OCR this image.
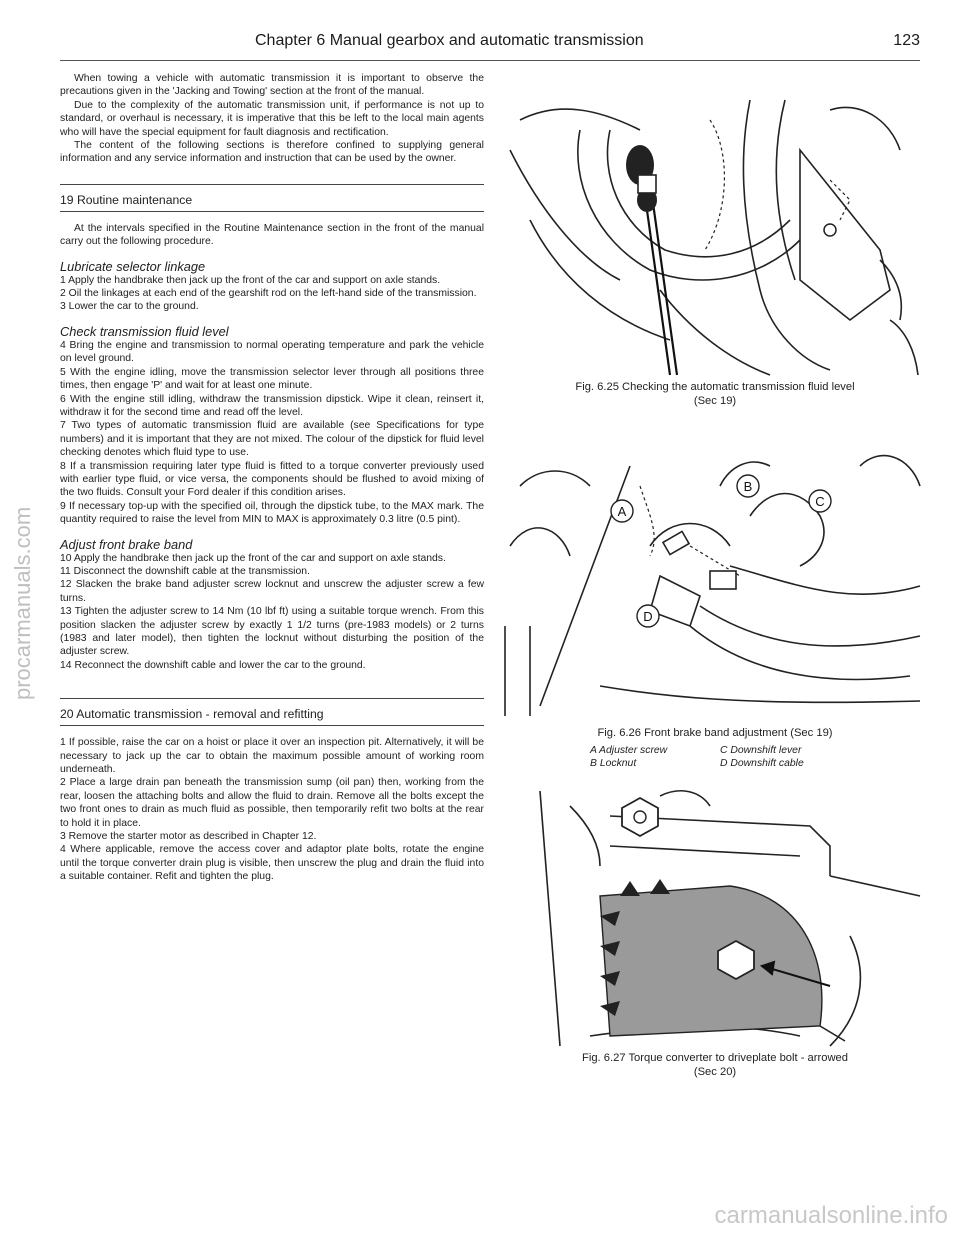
procarmanuals.com
Chapter 6 Manual gearbox and automatic transmission	123

When towing a vehicle with automatic transmission it is important to observe the precautions given in the 'Jacking and Towing' section at the front of the manual.

Due to the complexity of the automatic transmission unit, if performance is not up to standard, or overhaul is necessary, it is imperative that this be left to the local main agents who will have the special equipment for fault diagnosis and rectification.

The content of the following sections is therefore confined to supplying general information and any service information and instruction that can be used by the owner.

19 Routine maintenance

At the intervals specified in the Routine Maintenance section in the front of the manual carry out the following procedure.

Lubricate selector linkage

1 Apply the handbrake then jack up the front of the car and support on axle stands.

2 Oil the linkages at each end of the gearshift rod on the left-hand side of the transmission.

3 Lower the car to the ground.

Check transmission fluid level

4 Bring the engine and transmission to normal operating temperature and park the vehicle on level ground.

5 With the engine idling, move the transmission selector lever through all positions three times, then engage 'P' and wait for at least one minute.

6 With the engine still idling, withdraw the transmission dipstick. Wipe it clean, reinsert it, withdraw it for the second time and read off the level.

7 Two types of automatic transmission fluid are available (see Specifications for type numbers) and it is important that they are not mixed. The colour of the dipstick for fluid level checking denotes which fluid type to use.

8 If a transmission requiring later type fluid is fitted to a torque converter previously used with earlier type fluid, or vice versa, the components should be flushed to avoid mixing of the two fluids. Consult your Ford dealer if this condition arises.

9 If necessary top-up with the specified oil, through the dipstick tube, to the MAX mark. The quantity required to raise the level from MIN to MAX is approximately 0.3 litre (0.5 pint).

Adjust front brake band

10 Apply the handbrake then jack up the front of the car and support on axle stands.

11 Disconnect the downshift cable at the transmission.

12 Slacken the brake band adjuster screw locknut and unscrew the adjuster screw a few turns.

13 Tighten the adjuster screw to 14 Nm (10 lbf ft) using a suitable torque wrench. From this position slacken the adjuster screw by exactly 1 1/2 turns (pre-1983 models) or 2 turns (1983 and later model), then tighten the locknut without disturbing the position of the adjuster screw.

14 Reconnect the downshift cable and lower the car to the ground.

20 Automatic transmission - removal and refitting

1 If possible, raise the car on a hoist or place it over an inspection pit. Alternatively, it will be necessary to jack up the car to obtain the maximum possible amount of working room underneath.

2 Place a large drain pan beneath the transmission sump (oil pan) then, working from the rear, loosen the attaching bolts and allow the fluid to drain. Remove all the bolts except the two front ones to drain as much fluid as possible, then temporarily refit two bolts at the rear to hold it in place.

3 Remove the starter motor as described in Chapter 12.

4 Where applicable, remove the access cover and adaptor plate bolts, rotate the engine until the torque converter drain plug is visible, then unscrew the plug and drain the fluid into a suitable container. Refit and tighten the plug.

Fig. 6.25 Checking the automatic transmission fluid level

(Sec 19)

A
B
C
D

Fig. 6.26 Front brake band adjustment (Sec 19)

A Adjuster screw	C Downshift lever
B Locknut	D Downshift cable

Fig. 6.27 Torque converter to driveplate bolt - arrowed

(Sec 20)

carmanualsonline.info
